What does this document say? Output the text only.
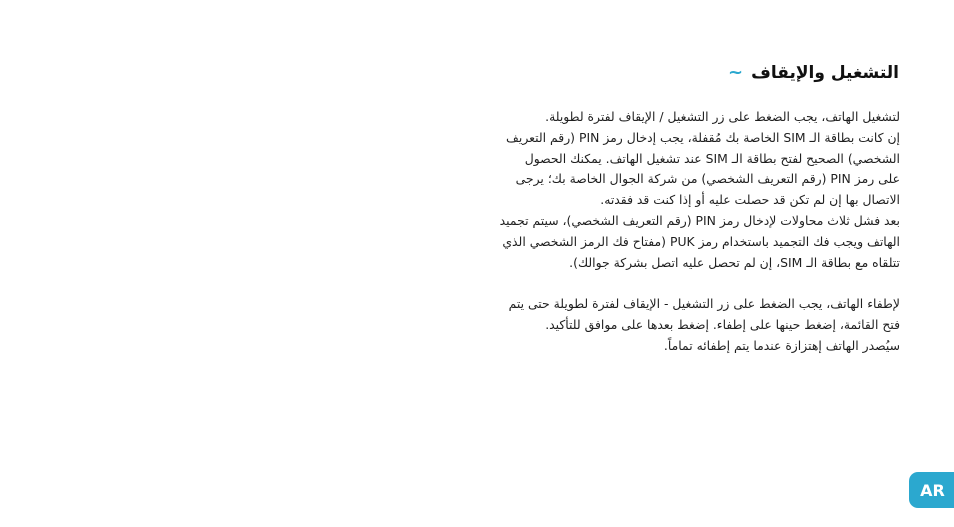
التشغيل والإيقاف
~

لتشغيل الهاتف، يجب الضغط على زر التشغيل / الإيقاف لفترة لطويلة.

إن كانت بطاقة الـ SIM الخاصة بك مُقفلة، يجب إدخال رمز PIN (رقم التعريف

الشخصي) الصحيح لفتح بطاقة الـ SIM عند تشغيل الهاتف. يمكنك الحصول

على رمز PIN (رقم التعريف الشخصي) من شركة الجوال الخاصة بك؛ يرجى

الاتصال بها إن لم تكن قد حصلت عليه أو إذا كنت قد فقدته.

بعد فشل ثلاث محاولات لإدخال رمز PIN (رقم التعريف الشخصي)، سيتم تجميد

الهاتف ويجب فك التجميد باستخدام رمز PUK (مفتاح فك الرمز الشخصي الذي

تتلقاه مع بطاقة الـ SIM، إن لم تحصل عليه اتصل بشركة جوالك).

لإطفاء الهاتف، يجب الضغط على زر التشغيل - الإيقاف لفترة لطويلة حتى يتم

فتح القائمة، إضغط حينها على إطفاء. إضغط بعدها على موافق للتأكيد.

سيُصدر الهاتف إهتزازة عندما يتم إطفائه تماماً.

AR
